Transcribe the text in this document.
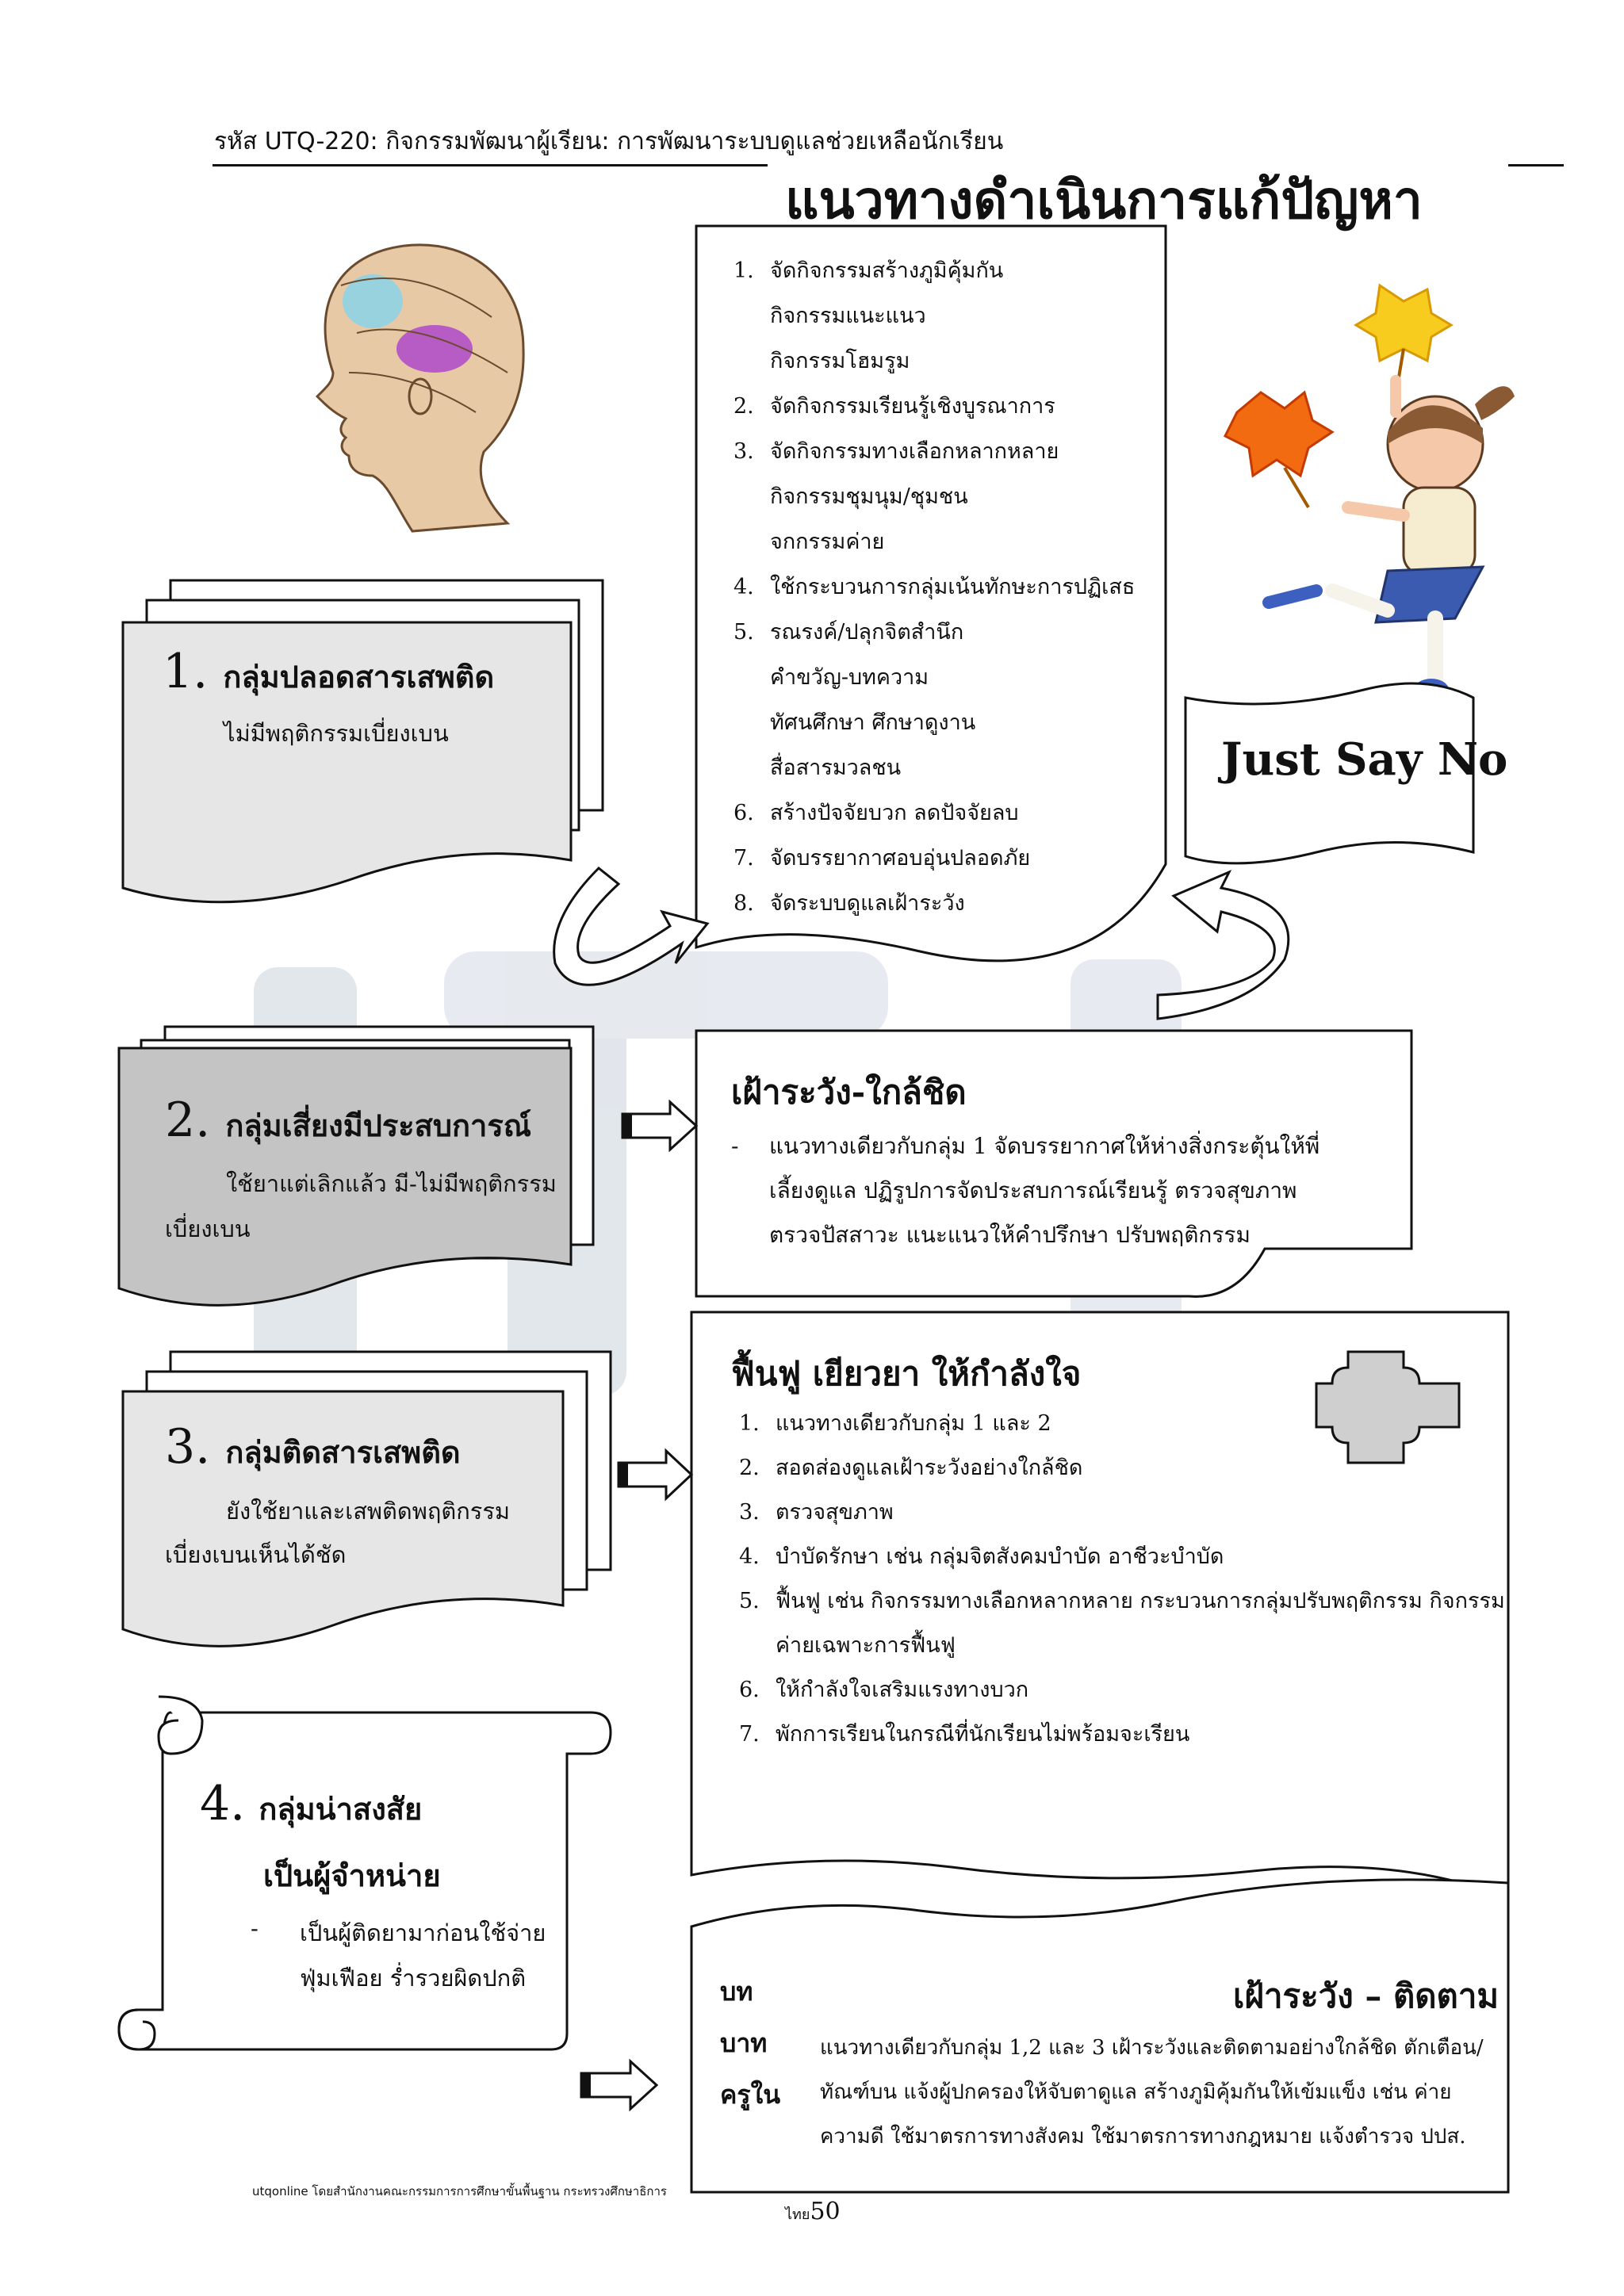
รหัส UTQ-220: กิจกรรมพัฒนาผู้เรียน: การพัฒนาระบบดูแลช่วยเหลือนักเรียน
แนวทางดำเนินการแก้ปัญหา
1. จัดกิจกรรมสร้างภูมิคุ้มกัน
กิจกรรมแนะแนว
กิจกรรมโฮมรูม
2. จัดกิจกรรมเรียนรู้เชิงบูรณาการ
3. จัดกิจกรรมทางเลือกหลากหลาย
กิจกรรมชุมนุม/ชุมชน
จกกรรมค่าย
4. ใช้กระบวนการกลุ่มเน้นทักษะการปฏิเสธ
5. รณรงค์/ปลุกจิตสำนึก
คำขวัญ-บทความ
ทัศนศึกษา ศึกษาดูงาน
สื่อสารมวลชน
6. สร้างปัจจัยบวก ลดปัจจัยลบ
7. จัดบรรยากาศอบอุ่นปลอดภัย
8. จัดระบบดูแลเฝ้าระวัง
Just Say No
1. กลุ่มปลอดสารเสพติด
ไม่มีพฤติกรรมเบี่ยงเบน
2. กลุ่มเสี่ยงมีประสบการณ์
ใช้ยาแต่เลิกแล้ว มี-ไม่มีพฤติกรรม
เบี่ยงเบน
3. กลุ่มติดสารเสพติด
ยังใช้ยาและเสพติดพฤติกรรม
เบี่ยงเบนเห็นได้ชัด
4. กลุ่มน่าสงสัย
เป็นผู้จำหน่าย
- เป็นผู้ติดยามาก่อนใช้จ่าย
ฟุ่มเฟือย ร่ำรวยผิดปกติ
เฝ้าระวัง-ใกล้ชิด
- แนวทางเดียวกับกลุ่ม 1 จัดบรรยากาศให้ห่างสิ่งกระตุ้นให้พี่
เลี้ยงดูแล ปฏิรูปการจัดประสบการณ์เรียนรู้ ตรวจสุขภาพ
ตรวจปัสสาวะ แนะแนวให้คำปรึกษา ปรับพฤติกรรม
ฟื้นฟู เยียวยา ให้กำลังใจ
1. แนวทางเดียวกับกลุ่ม 1 และ 2
2. สอดส่องดูแลเฝ้าระวังอย่างใกล้ชิด
3. ตรวจสุขภาพ
4. บำบัดรักษา เช่น กลุ่มจิตสังคมบำบัด อาชีวะบำบัด
5. ฟื้นฟู เช่น กิจกรรมทางเลือกหลากหลาย กระบวนการกลุ่มปรับพฤติกรรม กิจกรรม
ค่ายเฉพาะการฟื้นฟู
6. ให้กำลังใจเสริมแรงทางบวก
7. พักการเรียนในกรณีที่นักเรียนไม่พร้อมจะเรียน
บท
บาท
ครูใน
เฝ้าระวัง – ติดตาม
แนวทางเดียวกับกลุ่ม 1,2 และ 3 เฝ้าระวังและติดตามอย่างใกล้ชิด ตักเตือน/
ทัณฑ์บน แจ้งผู้ปกครองให้จับตาดูแล สร้างภูมิคุ้มกันให้เข้มแข็ง เช่น ค่าย
ความดี ใช้มาตรการทางสังคม ใช้มาตรการทางกฎหมาย แจ้งตำรวจ ปปส.
utqonline โดยสำนักงานคณะกรรมการการศึกษาขั้นพื้นฐาน กระทรวงศึกษาธิการ
ไทย50
